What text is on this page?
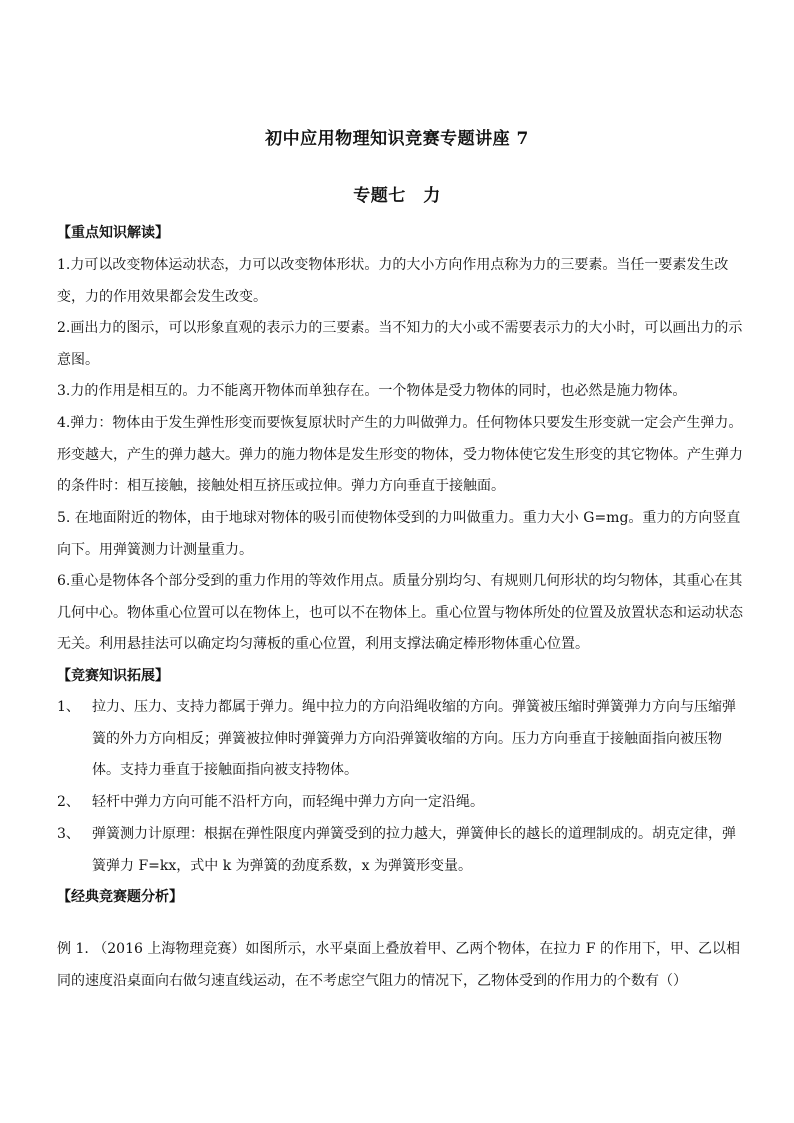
初中应用物理知识竞赛专题讲座 7
专题七　力
【重点知识解读】
1.力可以改变物体运动状态，力可以改变物体形状。力的大小方向作用点称为力的三要素。当任一要素发生改变，力的作用效果都会发生改变。
2.画出力的图示，可以形象直观的表示力的三要素。当不知力的大小或不需要表示力的大小时，可以画出力的示意图。
3.力的作用是相互的。力不能离开物体而单独存在。一个物体是受力物体的同时，也必然是施力物体。
4.弹力：物体由于发生弹性形变而要恢复原状时产生的力叫做弹力。任何物体只要发生形变就一定会产生弹力。形变越大，产生的弹力越大。弹力的施力物体是发生形变的物体，受力物体使它发生形变的其它物体。产生弹力的条件时：相互接触，接触处相互挤压或拉伸。弹力方向垂直于接触面。
5. 在地面附近的物体，由于地球对物体的吸引而使物体受到的力叫做重力。重力大小 G=mg。重力的方向竖直向下。用弹簧测力计测量重力。
6.重心是物体各个部分受到的重力作用的等效作用点。质量分别均匀、有规则几何形状的均匀物体，其重心在其几何中心。物体重心位置可以在物体上，也可以不在物体上。重心位置与物体所处的位置及放置状态和运动状态无关。利用悬挂法可以确定均匀薄板的重心位置，利用支撑法确定棒形物体重心位置。
【竞赛知识拓展】
1、 拉力、压力、支持力都属于弹力。绳中拉力的方向沿绳收缩的方向。弹簧被压缩时弹簧弹力方向与压缩弹簧的外力方向相反；弹簧被拉伸时弹簧弹力方向沿弹簧收缩的方向。压力方向垂直于接触面指向被压物体。支持力垂直于接触面指向被支持物体。
2、 轻杆中弹力方向可能不沿杆方向，而轻绳中弹力方向一定沿绳。
3、 弹簧测力计原理：根据在弹性限度内弹簧受到的拉力越大，弹簧伸长的越长的道理制成的。胡克定律，弹簧弹力 F=kx，式中 k 为弹簧的劲度系数，x 为弹簧形变量。
【经典竞赛题分析】
例 1. （2016 上海物理竞赛）如图所示，水平桌面上叠放着甲、乙两个物体，在拉力 F 的作用下，甲、乙以相同的速度沿桌面向右做匀速直线运动，在不考虑空气阻力的情况下，乙物体受到的作用力的个数有（）
